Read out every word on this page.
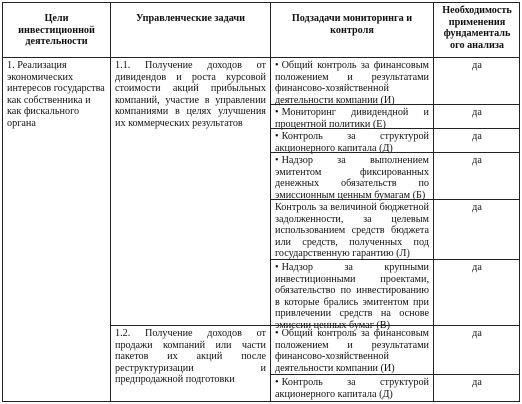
Цели инвестиционной деятельности
Управленческие задачи	Подзадачи мониторинга и контроля
Необходимость применения фундаменталь ого анализа
1. Реализация экономических интересов государства как собственника и как фискального органа
1.1. Получение доходов от дивидендов и роста курсовой стоимости акций прибыльных компаний, участие в управлении компаниями в целях улучшения их коммерческих результатов
1.2. Получение доходов от продажи компаний или части пакетов их акций после реструктуризации и предпродажной подготовки
• Общий контроль за финансовым положением и результатами финансово-хозяйственной деятельности компании (И)
да
• Мониторинг дивидендной и процентной политики (Е)
да
• Контроль за структурой акционерного капитала (Д)
да
• Надзор за выполнением эмитентом фиксированных денежных обязательств по эмиссионным ценным бумагам (Б)
да
Контроль за величиной бюджетной задолженности, за целевым использованием средств бюджета или средств, полученных под государственную гарантию (Л)
да
• Надзор за крупными инвестиционными проектами, обязательство по инвестированию в которые брались эмитентом при привлечении средств на основе эмиссии ценных бумаг (В)
да
• Общий контроль за финансовым положением и результатами финансово-хозяйственной деятельности компании (И)
да
• Контроль за структурой акционерного капитала (Д)
да
